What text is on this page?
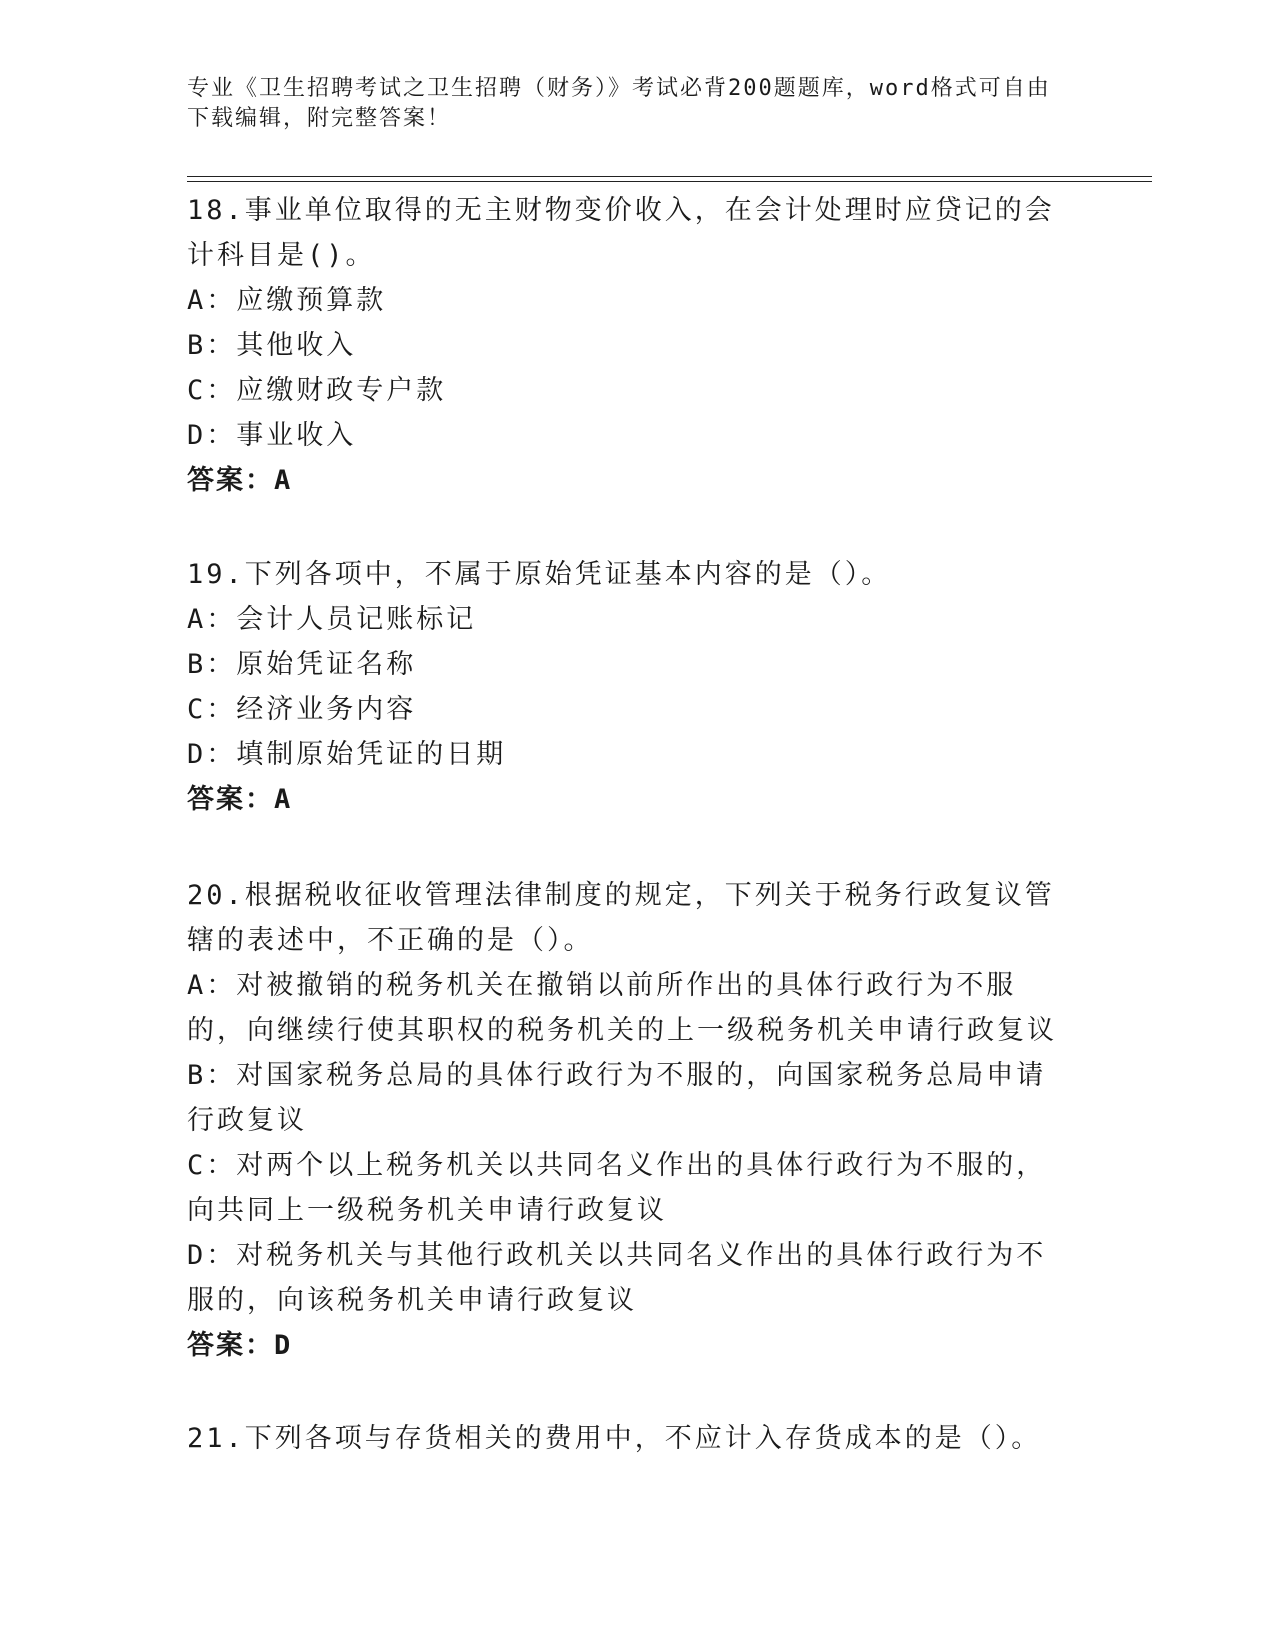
专业《卫生招聘考试之卫生招聘（财务）》考试必背200题题库，word格式可自由下载编辑，附完整答案！

18.事业单位取得的无主财物变价收入，在会计处理时应贷记的会计科目是()。

A：应缴预算款

B：其他收入

C：应缴财政专户款

D：事业收入

答案：A

19.下列各项中，不属于原始凭证基本内容的是（）。

A：会计人员记账标记

B：原始凭证名称

C：经济业务内容

D：填制原始凭证的日期

答案：A

20.根据税收征收管理法律制度的规定，下列关于税务行政复议管辖的表述中，不正确的是（）。

A：对被撤销的税务机关在撤销以前所作出的具体行政行为不服的，向继续行使其职权的税务机关的上一级税务机关申请行政复议

B：对国家税务总局的具体行政行为不服的，向国家税务总局申请行政复议

C：对两个以上税务机关以共同名义作出的具体行政行为不服的，向共同上一级税务机关申请行政复议

D：对税务机关与其他行政机关以共同名义作出的具体行政行为不服的，向该税务机关申请行政复议

答案：D

21.下列各项与存货相关的费用中，不应计入存货成本的是（）。
